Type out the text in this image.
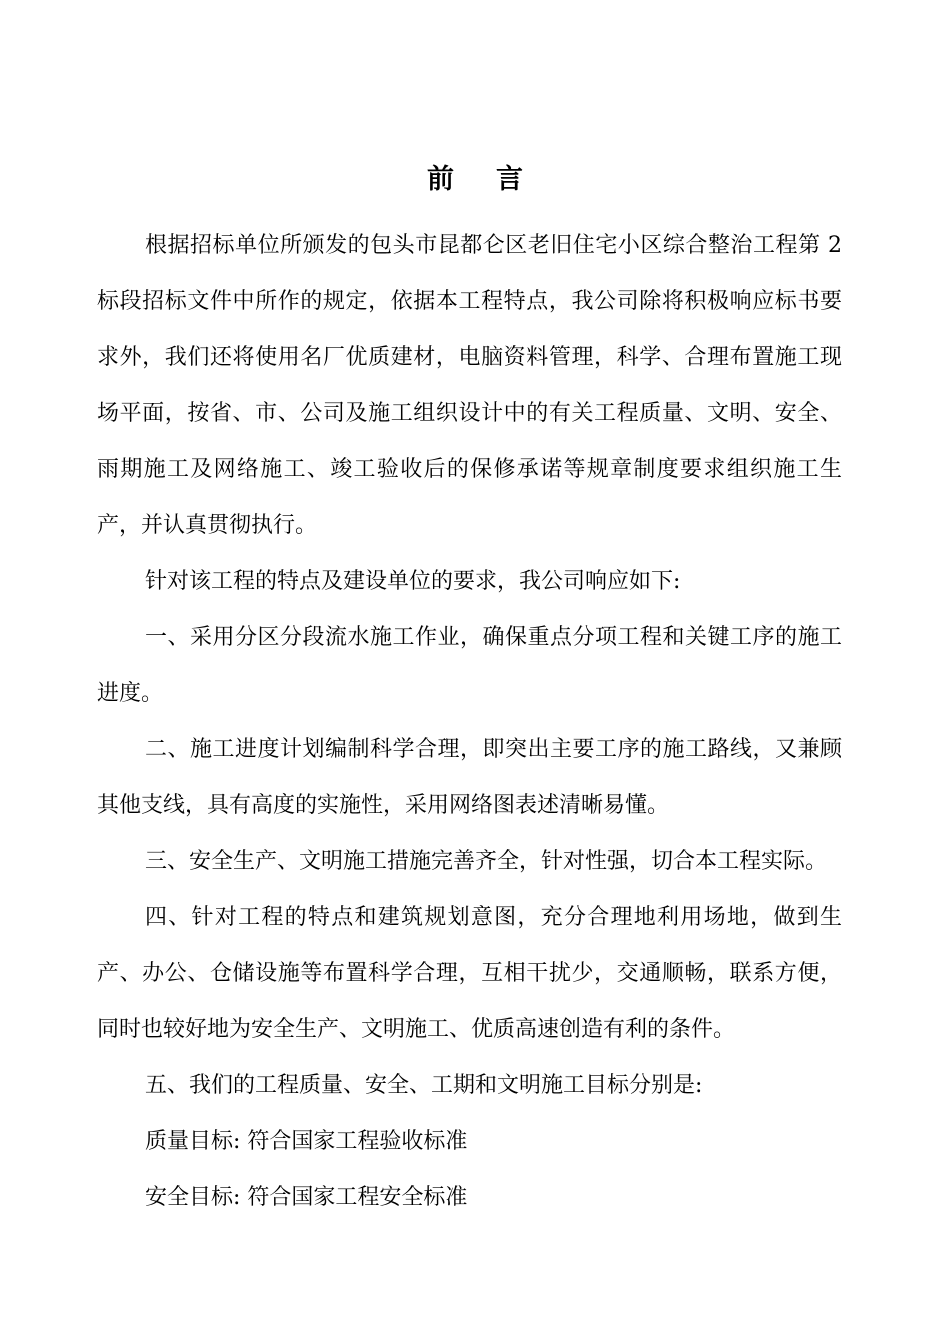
前 言

根据招标单位所颁发的包头市昆都仑区老旧住宅小区综合整治工程第 2 标段招标文件中所作的规定，依据本工程特点，我公司除将积极响应标书要求外，我们还将使用名厂优质建材，电脑资料管理，科学、合理布置施工现场平面，按省、市、公司及施工组织设计中的有关工程质量、文明、安全、雨期施工及网络施工、竣工验收后的保修承诺等规章制度要求组织施工生产，并认真贯彻执行。

针对该工程的特点及建设单位的要求，我公司响应如下:

一、采用分区分段流水施工作业，确保重点分项工程和关键工序的施工进度。

二、施工进度计划编制科学合理，即突出主要工序的施工路线，又兼顾其他支线，具有高度的实施性，采用网络图表述清晰易懂。

三、安全生产、文明施工措施完善齐全，针对性强，切合本工程实际。

四、针对工程的特点和建筑规划意图，充分合理地利用场地，做到生产、办公、仓储设施等布置科学合理，互相干扰少，交通顺畅，联系方便，同时也较好地为安全生产、文明施工、优质高速创造有利的条件。

五、我们的工程质量、安全、工期和文明施工目标分别是:

质量目标: 符合国家工程验收标准

安全目标: 符合国家工程安全标准
